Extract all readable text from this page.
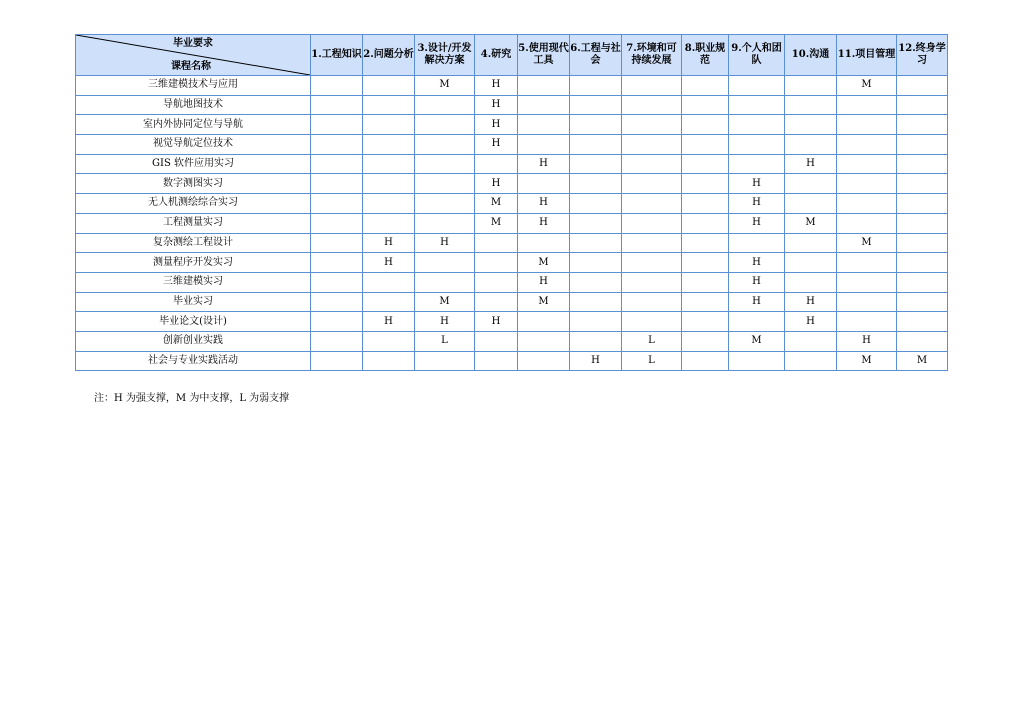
毕业要求
课程名称	1.工程知识	2.问题分析	3.设计/开发解决方案	4.研究	5.使用现代工具	6.工程与社会	7.环境和可持续发展	8.职业规范	9.个人和团队	10.沟通	11.项目管理	12.终身学习
三维建模技术与应用			M	H							M	
导航地图技术				H								
室内外协同定位与导航				H								
视觉导航定位技术				H								
GIS 软件应用实习					H					H		
数字测图实习				H					H			
无人机测绘综合实习				M	H				H			
工程测量实习				M	H				H	M		
复杂测绘工程设计		H	H								M	
测量程序开发实习		H			M				H			
三维建模实习					H				H			
毕业实习			M		M				H	H		
毕业论文(设计)		H	H	H						H		
创新创业实践			L				L		M		H	
社会与专业实践活动						H	L				M	M
注：H 为强支撑，M 为中支撑，L 为弱支撑
